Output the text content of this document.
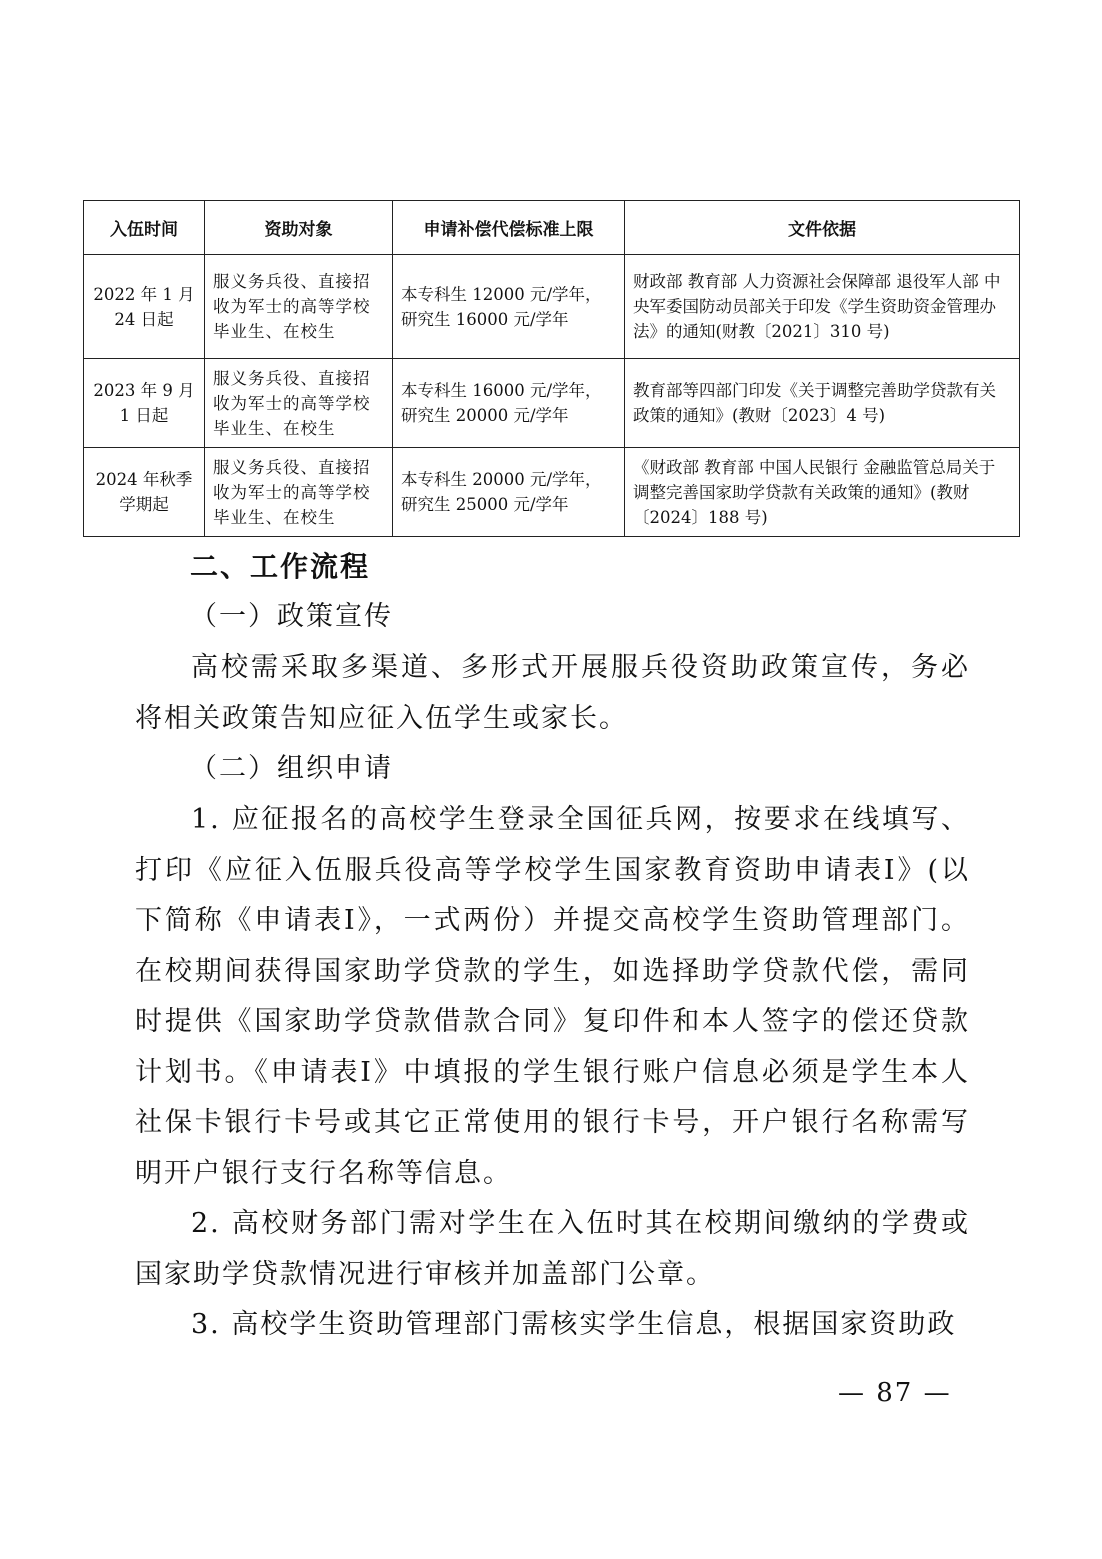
入伍时间	资助对象	申请补偿代偿标准上限	文件依据
2022 年 1 月 24 日起	服义务兵役、直接招收为军士的高等学校毕业生、在校生	本专科生 12000 元/学年，研究生 16000 元/学年	财政部 教育部 人力资源社会保障部 退役军人部 中央军委国防动员部关于印发《学生资助资金管理办法》的通知(财教〔2021〕310 号)
2023 年 9 月 1 日起	服义务兵役、直接招收为军士的高等学校毕业生、在校生	本专科生 16000 元/学年，研究生 20000 元/学年	教育部等四部门印发《关于调整完善助学贷款有关政策的通知》(教财〔2023〕4 号)
2024 年秋季学期起	服义务兵役、直接招收为军士的高等学校毕业生、在校生	本专科生 20000 元/学年，研究生 25000 元/学年	《财政部 教育部 中国人民银行 金融监管总局关于调整完善国家助学贷款有关政策的通知》(教财〔2024〕188 号)
二、工作流程
（一）政策宣传

高校需采取多渠道、多形式开展服兵役资助政策宣传，务必将相关政策告知应征入伍学生或家长。

（二）组织申请

1. 应征报名的高校学生登录全国征兵网，按要求在线填写、打印《应征入伍服兵役高等学校学生国家教育资助申请表Ⅰ》(以下简称《申请表Ⅰ》，一式两份）并提交高校学生资助管理部门。在校期间获得国家助学贷款的学生，如选择助学贷款代偿，需同时提供《国家助学贷款借款合同》复印件和本人签字的偿还贷款计划书。《申请表Ⅰ》中填报的学生银行账户信息必须是学生本人社保卡银行卡号或其它正常使用的银行卡号，开户银行名称需写明开户银行支行名称等信息。

2. 高校财务部门需对学生在入伍时其在校期间缴纳的学费或国家助学贷款情况进行审核并加盖部门公章。

3. 高校学生资助管理部门需核实学生信息，根据国家资助政

— 87 —
